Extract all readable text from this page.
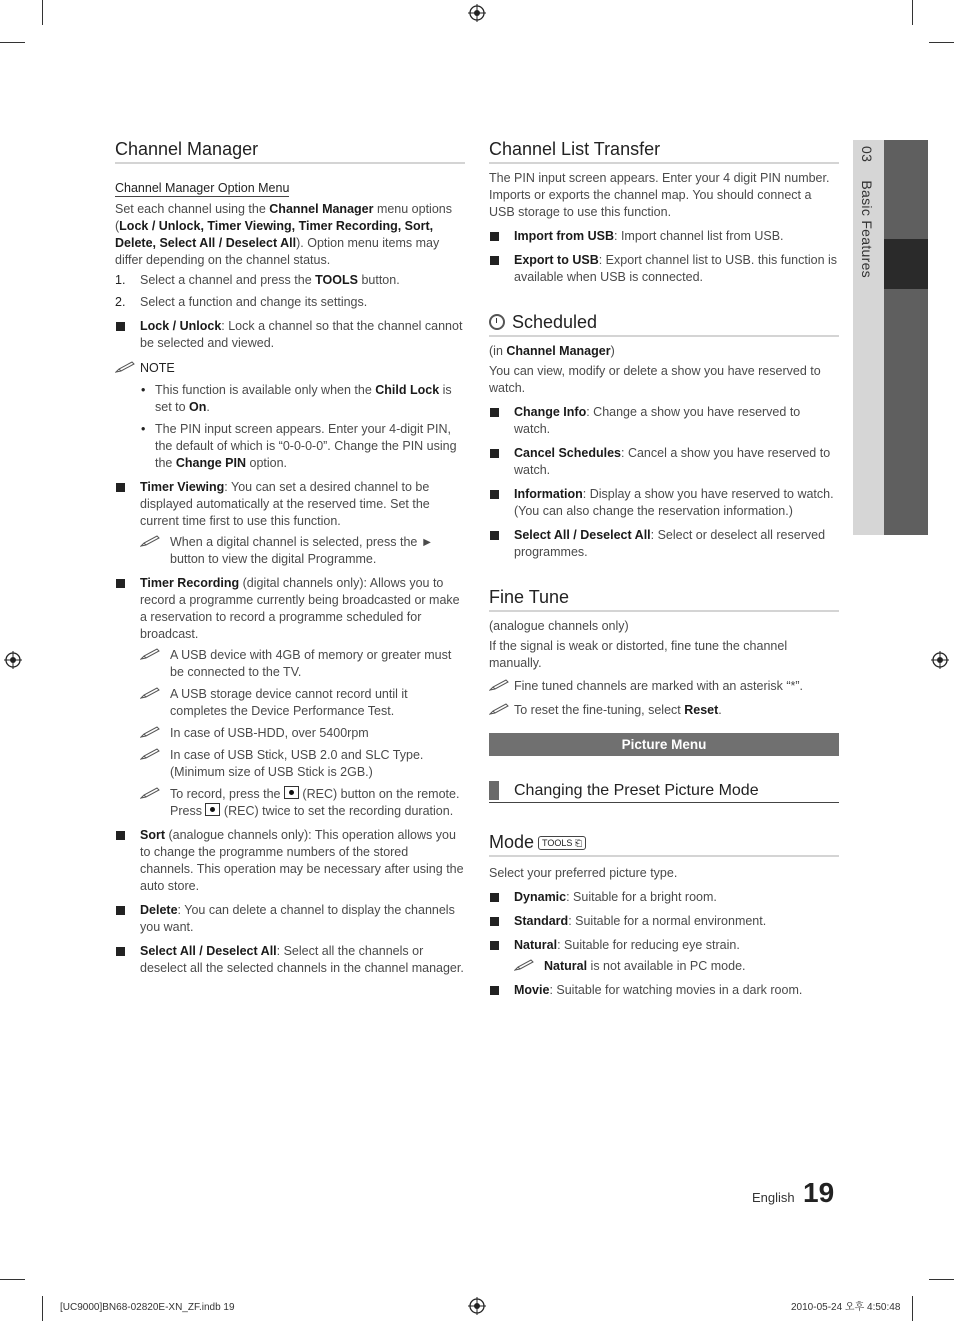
03 Basic Features
Channel Manager
Channel Manager Option Menu

Set each channel using the Channel Manager menu options (Lock / Unlock, Timer Viewing, Timer Recording, Sort, Delete, Select All / Deselect All). Option menu items may differ depending on the channel status.

1. Select a channel and press the TOOLS button.
2. Select a function and change its settings.
Lock / Unlock: Lock a channel so that the channel cannot be selected and viewed.
NOTE
• This function is available only when the Child Lock is set to On.
• The PIN input screen appears. Enter your 4-digit PIN, the default of which is “0-0-0-0”. Change the PIN using the Change PIN option.
Timer Viewing: You can set a desired channel to be displayed automatically at the reserved time. Set the current time first to use this function.
When a digital channel is selected, press the ► button to view the digital Programme.
Timer Recording (digital channels only): Allows you to record a programme currently being broadcasted or make a reservation to record a programme scheduled for broadcast.
A USB device with 4GB of memory or greater must be connected to the TV.
A USB storage device cannot record until it completes the Device Performance Test.
In case of USB-HDD, over 5400rpm
In case of USB Stick, USB 2.0 and SLC Type. (Minimum size of USB Stick is 2GB.)
To record, press the  (REC) button on the remote. Press  (REC) twice to set the recording duration.
Sort (analogue channels only): This operation allows you to change the programme numbers of the stored channels. This operation may be necessary after using the auto store.
Delete: You can delete a channel to display the channels you want.
Select All / Deselect All: Select all the channels or deselect all the selected channels in the channel manager.
Channel List Transfer

The PIN input screen appears. Enter your 4 digit PIN number. Imports or exports the channel map. You should connect a USB storage to use this function.

Import from USB: Import channel list from USB.
Export to USB: Export channel list to USB. this function is available when USB is connected.
Scheduled

(in Channel Manager)

You can view, modify or delete a show you have reserved to watch.

Change Info: Change a show you have reserved to watch.
Cancel Schedules: Cancel a show you have reserved to watch.
Information: Display a show you have reserved to watch. (You can also change the reservation information.)
Select All / Deselect All: Select or deselect all reserved programmes.
Fine Tune

(analogue channels only)

If the signal is weak or distorted, fine tune the channel manually.

Fine tuned channels are marked with an asterisk “*”.
To reset the fine-tuning, select Reset.
Picture Menu
Changing the Preset Picture Mode
Mode TOOLS ⎗

Select your preferred picture type.

Dynamic: Suitable for a bright room.
Standard: Suitable for a normal environment.
Natural: Suitable for reducing eye strain.
Natural is not available in PC mode.
Movie: Suitable for watching movies in a dark room.
English 19
[UC9000]BN68-02820E-XN_ZF.indb 19	2010-05-24 오후 4:50:48
